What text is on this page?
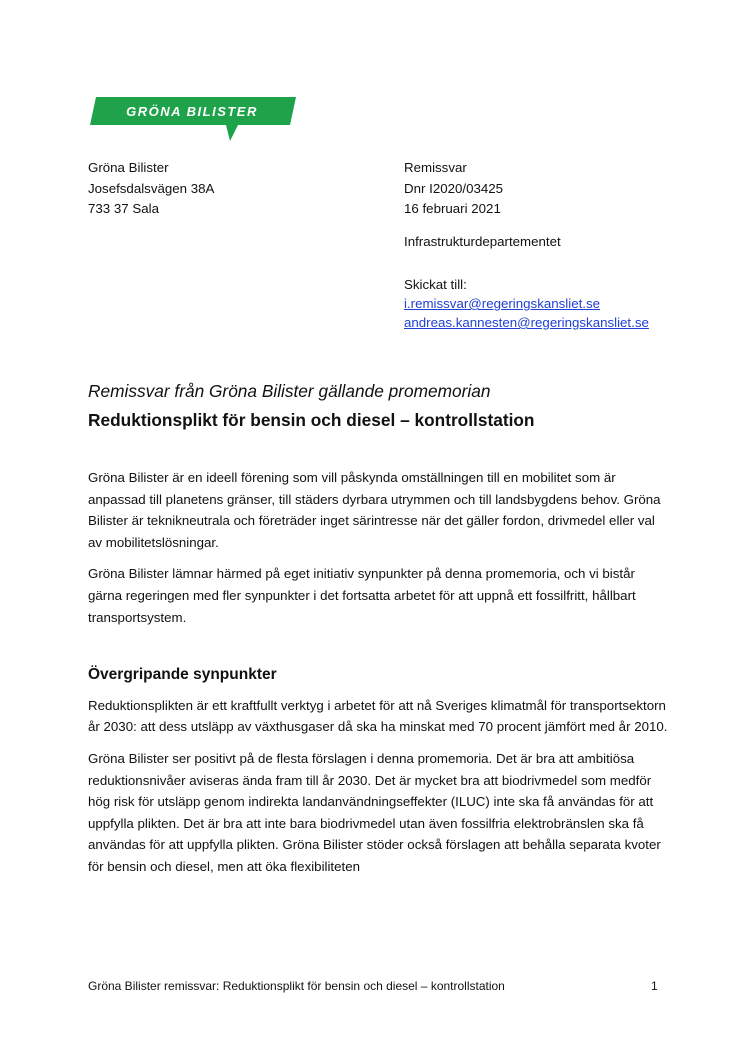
GRÖNA BILISTER
Gröna Bilister
Josefsdalsvägen 38A
733 37 Sala
Remissvar
Dnr I2020/03425
16 februari 2021
Infrastrukturdepartementet
Skickat till:
i.remissvar@regeringskansliet.se
andreas.kannesten@regeringskansliet.se
Remissvar från Gröna Bilister gällande promemorian
Reduktionsplikt för bensin och diesel – kontrollstation

Gröna Bilister är en ideell förening som vill påskynda omställningen till en mobilitet som är anpassad till planetens gränser, till städers dyrbara utrymmen och till landsbygdens behov. Gröna Bilister är teknikneutrala och företräder inget särintresse när det gäller fordon, drivmedel eller val av mobilitetslösningar.

Gröna Bilister lämnar härmed på eget initiativ synpunkter på denna promemoria, och vi bistår gärna regeringen med fler synpunkter i det fortsatta arbetet för att uppnå ett fossilfritt, hållbart transportsystem.

Övergripande synpunkter

Reduktionsplikten är ett kraftfullt verktyg i arbetet för att nå Sveriges klimatmål för transportsektorn år 2030: att dess utsläpp av växthusgaser då ska ha minskat med 70 procent jämfört med år 2010.

Gröna Bilister ser positivt på de flesta förslagen i denna promemoria. Det är bra att ambitiösa reduktionsnivåer aviseras ända fram till år 2030. Det är mycket bra att biodrivmedel som medför hög risk för utsläpp genom indirekta landanvändningseffekter (ILUC) inte ska få användas för att uppfylla plikten. Det är bra att inte bara biodrivmedel utan även fossilfria elektrobränslen ska få användas för att uppfylla plikten. Gröna Bilister stöder också förslagen att behålla separata kvoter för bensin och diesel, men att öka flexibiliteten

Gröna Bilister remissvar: Reduktionsplikt för bensin och diesel – kontrollstation	1
